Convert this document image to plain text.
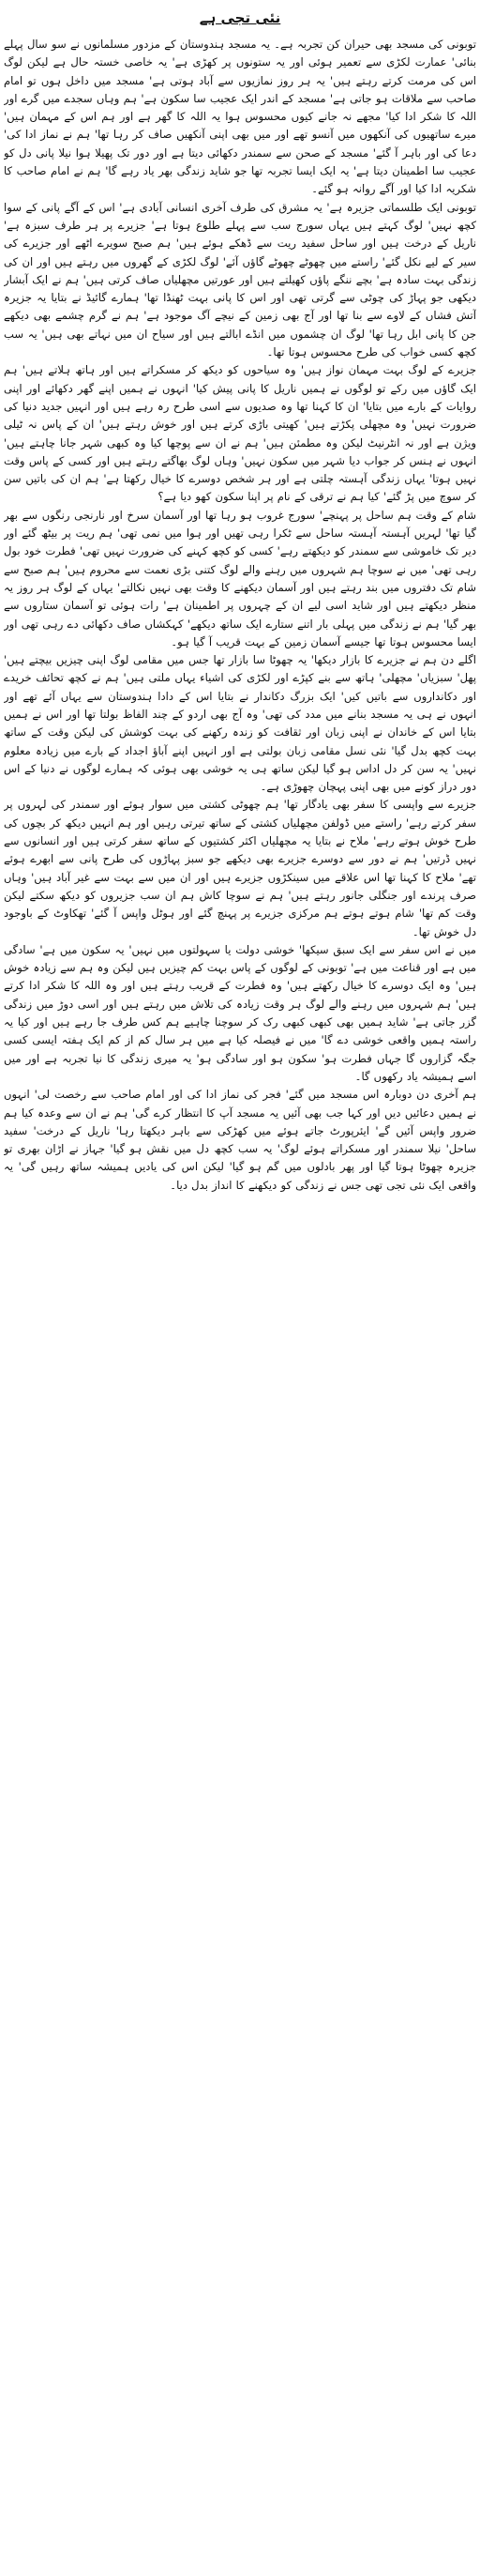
نئی تجی ہے

توبونی کی مسجد بھی حیران کن تجربہ ہے۔ یہ مسجد ہندوستان کے مزدور مسلمانوں نے سو سال پہلے بنائی' عمارت لکڑی سے تعمیر ہوئی اور یہ ستونوں پر کھڑی ہے' یہ خاصی خستہ حال ہے لیکن لوگ اس کی مرمت کرتے رہتے ہیں' یہ ہر روز نمازیوں سے آباد ہوتی ہے' مسجد میں داخل ہوں تو امام صاحب سے ملاقات ہو جاتی ہے' مسجد کے اندر ایک عجیب سا سکون ہے' ہم وہاں سجدے میں گرے اور اللہ کا شکر ادا کیا' مجھے نہ جانے کیوں محسوس ہوا یہ اللہ کا گھر ہے اور ہم اس کے مہمان ہیں' میرے ساتھیوں کی آنکھوں میں آنسو تھے اور میں بھی اپنی آنکھیں صاف کر رہا تھا' ہم نے نماز ادا کی' دعا کی اور باہر آ گئے' مسجد کے صحن سے سمندر دکھائی دیتا ہے اور دور تک پھیلا ہوا نیلا پانی دل کو عجیب سا اطمینان دیتا ہے' یہ ایک ایسا تجربہ تھا جو شاید زندگی بھر یاد رہے گا' ہم نے امام صاحب کا شکریہ ادا کیا اور آگے روانہ ہو گئے۔

توبونی ایک طلسماتی جزیرہ ہے' یہ مشرق کی طرف آخری انسانی آبادی ہے' اس کے آگے پانی کے سوا کچھ نہیں' لوگ کہتے ہیں یہاں سورج سب سے پہلے طلوع ہوتا ہے' جزیرے پر ہر طرف سبزہ ہے' ناریل کے درخت ہیں اور ساحل سفید ریت سے ڈھکے ہوئے ہیں' ہم صبح سویرے اٹھے اور جزیرے کی سیر کے لیے نکل گئے' راستے میں چھوٹے چھوٹے گاؤں آئے' لوگ لکڑی کے گھروں میں رہتے ہیں اور ان کی زندگی بہت سادہ ہے' بچے ننگے پاؤں کھیلتے ہیں اور عورتیں مچھلیاں صاف کرتی ہیں' ہم نے ایک آبشار دیکھی جو پہاڑ کی چوٹی سے گرتی تھی اور اس کا پانی بہت ٹھنڈا تھا' ہمارے گائیڈ نے بتایا یہ جزیرہ آتش فشاں کے لاوے سے بنا تھا اور آج بھی زمین کے نیچے آگ موجود ہے' ہم نے گرم چشمے بھی دیکھے جن کا پانی ابل رہا تھا' لوگ ان چشموں میں انڈے ابالتے ہیں اور سیاح ان میں نہاتے بھی ہیں' یہ سب کچھ کسی خواب کی طرح محسوس ہوتا تھا۔

جزیرے کے لوگ بہت مہمان نواز ہیں' وہ سیاحوں کو دیکھ کر مسکراتے ہیں اور ہاتھ ہلاتے ہیں' ہم ایک گاؤں میں رکے تو لوگوں نے ہمیں ناریل کا پانی پیش کیا' انہوں نے ہمیں اپنے گھر دکھائے اور اپنی روایات کے بارے میں بتایا' ان کا کہنا تھا وہ صدیوں سے اسی طرح رہ رہے ہیں اور انہیں جدید دنیا کی ضرورت نہیں' وہ مچھلی پکڑتے ہیں' کھیتی باڑی کرتے ہیں اور خوش رہتے ہیں' ان کے پاس نہ ٹیلی ویژن ہے اور نہ انٹرنیٹ لیکن وہ مطمئن ہیں' ہم نے ان سے پوچھا کیا وہ کبھی شہر جانا چاہتے ہیں' انہوں نے ہنس کر جواب دیا شہر میں سکون نہیں' وہاں لوگ بھاگتے رہتے ہیں اور کسی کے پاس وقت نہیں ہوتا' یہاں زندگی آہستہ چلتی ہے اور ہر شخص دوسرے کا خیال رکھتا ہے' ہم ان کی باتیں سن کر سوچ میں پڑ گئے' کیا ہم نے ترقی کے نام پر اپنا سکون کھو دیا ہے؟

شام کے وقت ہم ساحل پر پہنچے' سورج غروب ہو رہا تھا اور آسمان سرخ اور نارنجی رنگوں سے بھر گیا تھا' لہریں آہستہ آہستہ ساحل سے ٹکرا رہی تھیں اور ہوا میں نمی تھی' ہم ریت پر بیٹھ گئے اور دیر تک خاموشی سے سمندر کو دیکھتے رہے' کسی کو کچھ کہنے کی ضرورت نہیں تھی' فطرت خود بول رہی تھی' میں نے سوچا ہم شہروں میں رہنے والے لوگ کتنی بڑی نعمت سے محروم ہیں' ہم صبح سے شام تک دفتروں میں بند رہتے ہیں اور آسمان دیکھنے کا وقت بھی نہیں نکالتے' یہاں کے لوگ ہر روز یہ منظر دیکھتے ہیں اور شاید اسی لیے ان کے چہروں پر اطمینان ہے' رات ہوئی تو آسمان ستاروں سے بھر گیا' ہم نے زندگی میں پہلی بار اتنے ستارے ایک ساتھ دیکھے' کہکشاں صاف دکھائی دے رہی تھی اور ایسا محسوس ہوتا تھا جیسے آسمان زمین کے بہت قریب آ گیا ہو۔

اگلے دن ہم نے جزیرے کا بازار دیکھا' یہ چھوٹا سا بازار تھا جس میں مقامی لوگ اپنی چیزیں بیچتے ہیں' پھل' سبزیاں' مچھلی' ہاتھ سے بنے کپڑے اور لکڑی کی اشیاء یہاں ملتی ہیں' ہم نے کچھ تحائف خریدے اور دکانداروں سے باتیں کیں' ایک بزرگ دکاندار نے بتایا اس کے دادا ہندوستان سے یہاں آئے تھے اور انہوں نے ہی یہ مسجد بنانے میں مدد کی تھی' وہ آج بھی اردو کے چند الفاظ بولتا تھا اور اس نے ہمیں بتایا اس کے خاندان نے اپنی زبان اور ثقافت کو زندہ رکھنے کی بہت کوشش کی لیکن وقت کے ساتھ بہت کچھ بدل گیا' نئی نسل مقامی زبان بولتی ہے اور انہیں اپنے آباؤ اجداد کے بارے میں زیادہ معلوم نہیں' یہ سن کر دل اداس ہو گیا لیکن ساتھ ہی یہ خوشی بھی ہوئی کہ ہمارے لوگوں نے دنیا کے اس دور دراز کونے میں بھی اپنی پہچان چھوڑی ہے۔

جزیرے سے واپسی کا سفر بھی یادگار تھا' ہم چھوٹی کشتی میں سوار ہوئے اور سمندر کی لہروں پر سفر کرتے رہے' راستے میں ڈولفن مچھلیاں کشتی کے ساتھ تیرتی رہیں اور ہم انہیں دیکھ کر بچوں کی طرح خوش ہوتے رہے' ملاح نے بتایا یہ مچھلیاں اکثر کشتیوں کے ساتھ سفر کرتی ہیں اور انسانوں سے نہیں ڈرتیں' ہم نے دور سے دوسرے جزیرے بھی دیکھے جو سبز پہاڑوں کی طرح پانی سے ابھرے ہوئے تھے' ملاح کا کہنا تھا اس علاقے میں سینکڑوں جزیرے ہیں اور ان میں سے بہت سے غیر آباد ہیں' وہاں صرف پرندے اور جنگلی جانور رہتے ہیں' ہم نے سوچا کاش ہم ان سب جزیروں کو دیکھ سکتے لیکن وقت کم تھا' شام ہوتے ہوتے ہم مرکزی جزیرے پر پہنچ گئے اور ہوٹل واپس آ گئے' تھکاوٹ کے باوجود دل خوش تھا۔

میں نے اس سفر سے ایک سبق سیکھا' خوشی دولت یا سہولتوں میں نہیں' یہ سکون میں ہے' سادگی میں ہے اور قناعت میں ہے' توبونی کے لوگوں کے پاس بہت کم چیزیں ہیں لیکن وہ ہم سے زیادہ خوش ہیں' وہ ایک دوسرے کا خیال رکھتے ہیں' وہ فطرت کے قریب رہتے ہیں اور وہ اللہ کا شکر ادا کرتے ہیں' ہم شہروں میں رہنے والے لوگ ہر وقت زیادہ کی تلاش میں رہتے ہیں اور اسی دوڑ میں زندگی گزر جاتی ہے' شاید ہمیں بھی کبھی کبھی رک کر سوچنا چاہیے ہم کس طرف جا رہے ہیں اور کیا یہ راستہ ہمیں واقعی خوشی دے گا' میں نے فیصلہ کیا ہے میں ہر سال کم از کم ایک ہفتہ ایسی کسی جگہ گزاروں گا جہاں فطرت ہو' سکون ہو اور سادگی ہو' یہ میری زندگی کا نیا تجربہ ہے اور میں اسے ہمیشہ یاد رکھوں گا۔

ہم آخری دن دوبارہ اس مسجد میں گئے' فجر کی نماز ادا کی اور امام صاحب سے رخصت لی' انہوں نے ہمیں دعائیں دیں اور کہا جب بھی آئیں یہ مسجد آپ کا انتظار کرے گی' ہم نے ان سے وعدہ کیا ہم ضرور واپس آئیں گے' ایئرپورٹ جاتے ہوئے میں کھڑکی سے باہر دیکھتا رہا' ناریل کے درخت' سفید ساحل' نیلا سمندر اور مسکراتے ہوئے لوگ' یہ سب کچھ دل میں نقش ہو گیا' جہاز نے اڑان بھری تو جزیرہ چھوٹا ہوتا گیا اور پھر بادلوں میں گم ہو گیا' لیکن اس کی یادیں ہمیشہ ساتھ رہیں گی' یہ واقعی ایک نئی تجی تھی جس نے زندگی کو دیکھنے کا انداز بدل دیا۔
